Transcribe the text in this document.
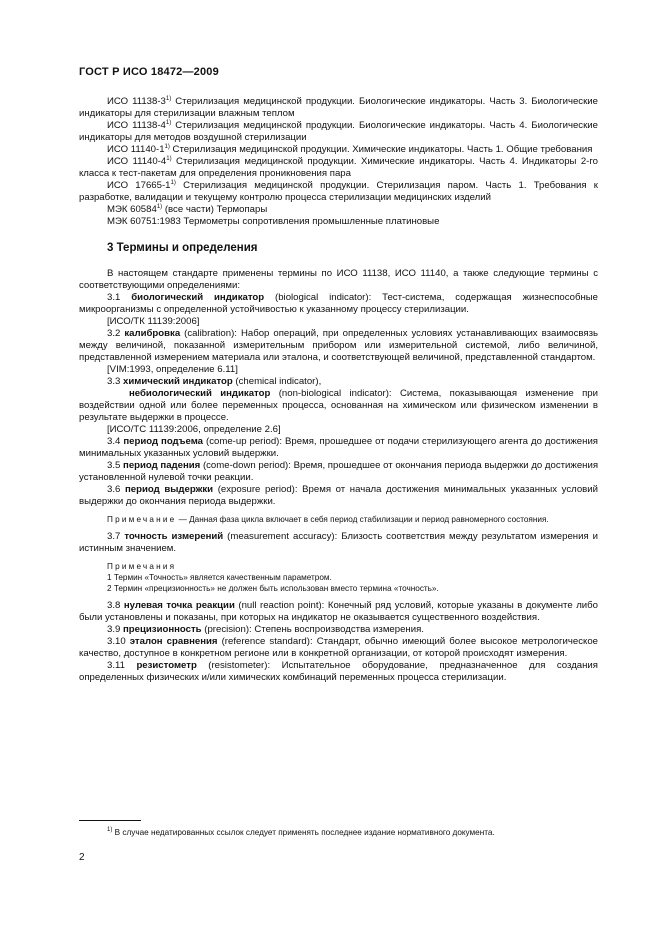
ГОСТ Р ИСО 18472—2009
ИСО 11138-3$^{1)}$ Стерилизация медицинской продукции. Биологические индикаторы. Часть 3. Биологические индикаторы для стерилизации влажным теплом
ИСО 11138-4$^{1)}$ Стерилизация медицинской продукции. Биологические индикаторы. Часть 4. Биологические индикаторы для методов воздушной стерилизации
ИСО 11140-1$^{1)}$ Стерилизация медицинской продукции. Химические индикаторы. Часть 1. Общие требования
ИСО 11140-4$^{1)}$ Стерилизация медицинской продукции. Химические индикаторы. Часть 4. Индикаторы 2-го класса к тест-пакетам для определения проникновения пара
ИСО 17665-1$^{1)}$ Стерилизация медицинской продукции. Стерилизация паром. Часть 1. Требования к разработке, валидации и текущему контролю процесса стерилизации медицинских изделий
МЭК 60584$^{1)}$ (все части) Термопары
МЭК 60751:1983 Термометры сопротивления промышленные платиновые
3 Термины и определения
В настоящем стандарте применены термины по ИСО 11138, ИСО 11140, а также следующие термины с соответствующими определениями:
3.1 биологический индикатор (biological indicator): Тест-система, содержащая жизнеспособные микроорганизмы с определенной устойчивостью к указанному процессу стерилизации.
[ИСО/ТК 11139:2006]
3.2 калибровка (calibration): Набор операций, при определенных условиях устанавливающих взаимосвязь между величиной, показанной измерительным прибором или измерительной системой, либо величиной, представленной измерением материала или эталона, и соответствующей величиной, представленной стандартом.
[VIM:1993, определение 6.11]
3.3 химический индикатор (chemical indicator),
небиологический индикатор (non-biological indicator): Система, показывающая изменение при воздействии одной или более переменных процесса, основанная на химическом или физическом изменении в результате выдержки в процессе.
[ИСО/ТС 11139:2006, определение 2.6]
3.4 период подъема (come-up period): Время, прошедшее от подачи стерилизующего агента до достижения минимальных указанных условий выдержки.
3.5 период падения (come-down period): Время, прошедшее от окончания периода выдержки до достижения установленной нулевой точки реакции.
3.6 период выдержки (exposure period): Время от начала достижения минимальных указанных условий выдержки до окончания периода выдержки.
Примечание — Данная фаза цикла включает в себя период стабилизации и период равномерного состояния.
3.7 точность измерений (measurement accuracy): Близость соответствия между результатом измерения и истинным значением.
Примечания
1 Термин «Точность» является качественным параметром.
2 Термин «прецизионность» не должен быть использован вместо термина «точность».
3.8 нулевая точка реакции (null reaction point): Конечный ряд условий, которые указаны в документе либо были установлены и показаны, при которых на индикатор не оказывается существенного воздействия.
3.9 прецизионность (precision): Степень воспроизводства измерения.
3.10 эталон сравнения (reference standard): Стандарт, обычно имеющий более высокое метрологическое качество, доступное в конкретном регионе или в конкретной организации, от которой происходят измерения.
3.11 резистометр (resistometer): Испытательное оборудование, предназначенное для создания определенных физических и/или химических комбинаций переменных процесса стерилизации.
$^{1)}$ В случае недатированных ссылок следует применять последнее издание нормативного документа.
2
